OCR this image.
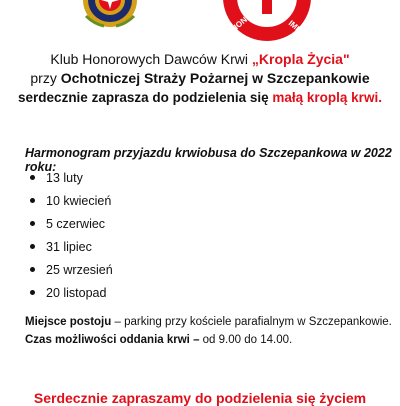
HON PCK IMB
Klub Honorowych Dawców Krwi „Kropla Życia"
przy Ochotniczej Straży Pożarnej w Szczepankowie
serdecznie zaprasza do podzielenia się małą kroplą krwi.
Harmonogram przyjazdu krwiobusa do Szczepankowa w 2022 roku:
13 luty
10 kwiecień
5 czerwiec
31 lipiec
25 wrzesień
20 listopad
Miejsce postoju – parking przy kościele parafialnym w Szczepankowie.
Czas możliwości oddania krwi – od 9.00 do 14.00.
Serdecznie zapraszamy do podzielenia się życiem
